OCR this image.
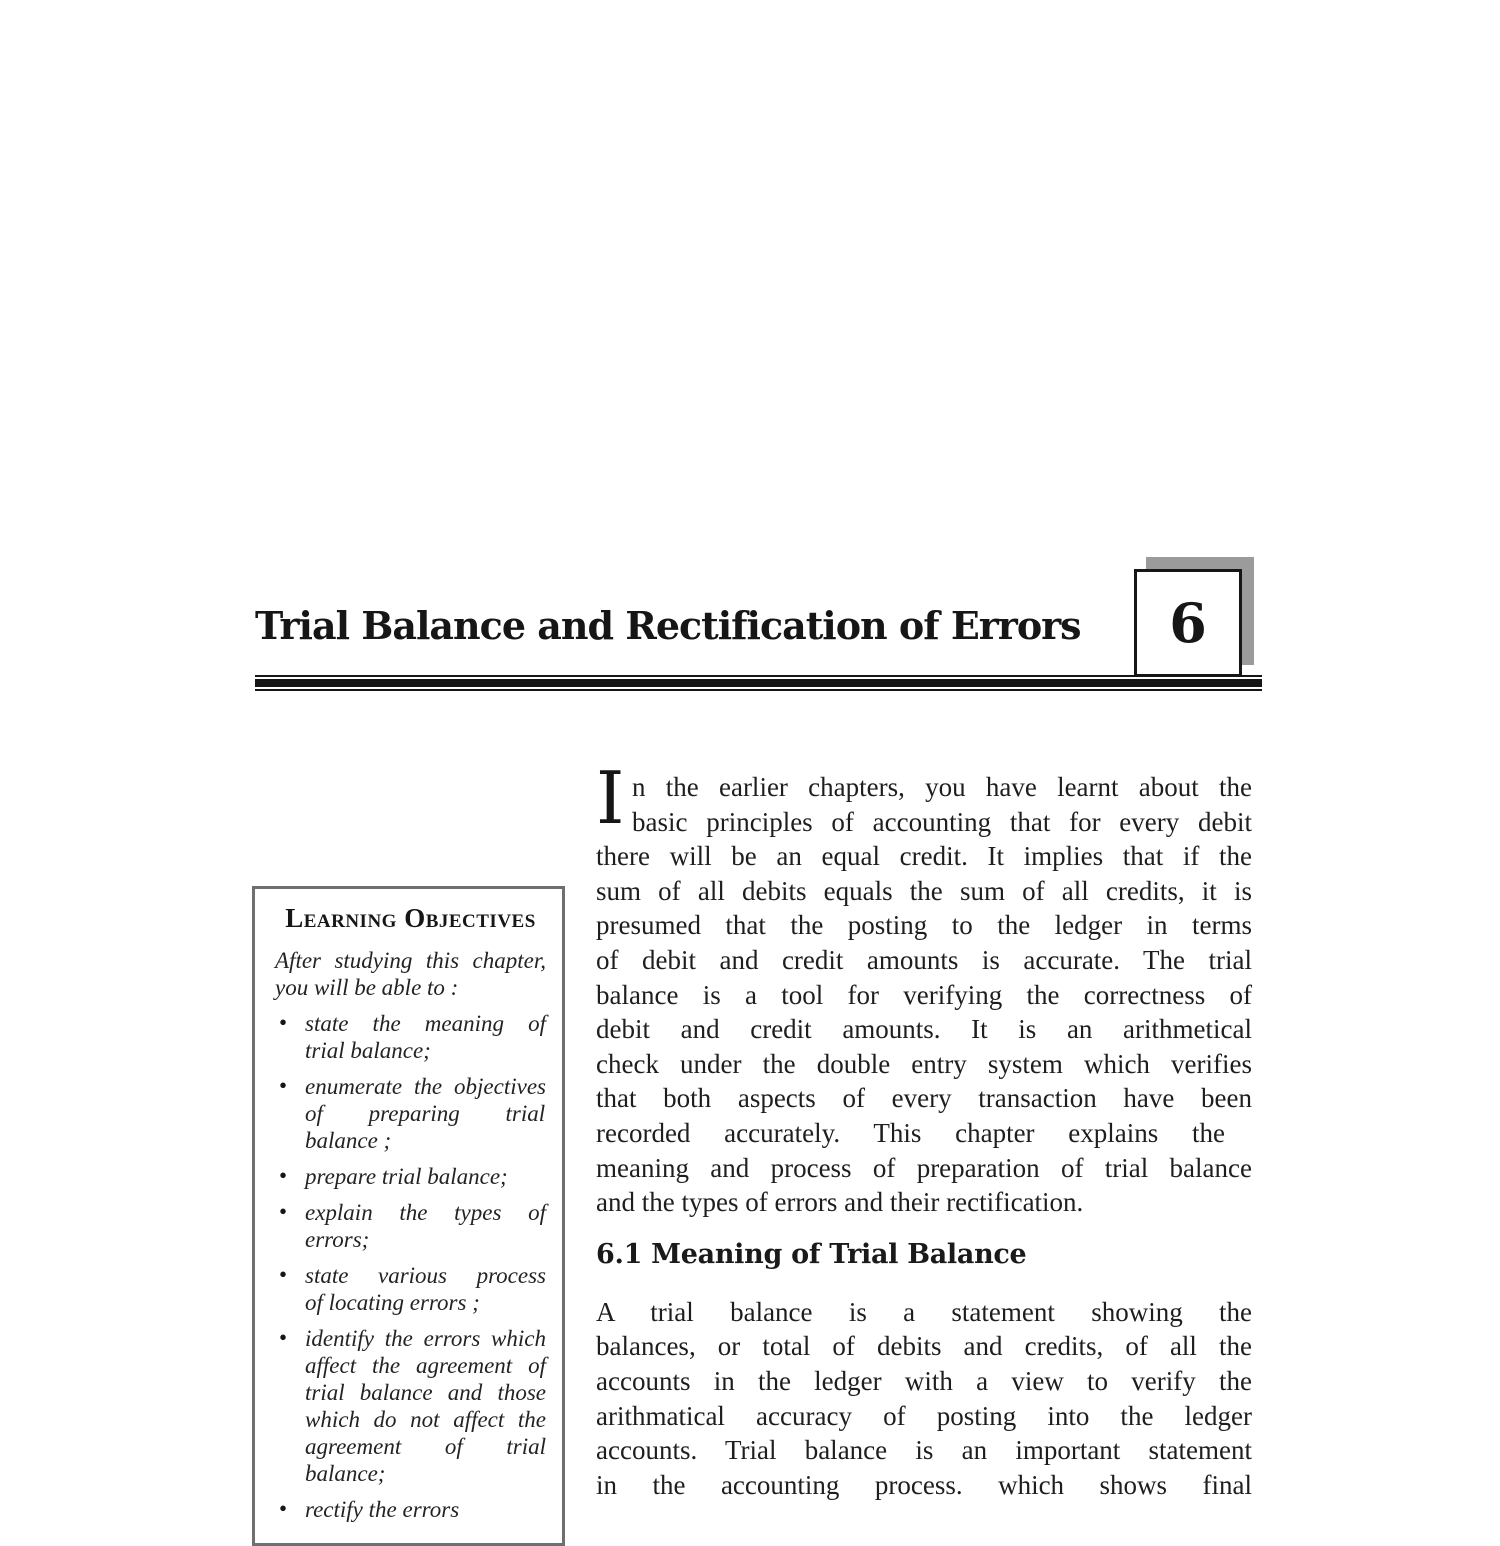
Trial Balance and Rectification of Errors 6
Learning Objectives
After studying this chapter,
you will be able to :
• state the meaning of
trial balance;
• enumerate the objectives
of preparing trial
balance ;
• prepare trial balance;
• explain the types of
errors;
• state various process
of locating errors ;
• identify the errors which
affect the agreement of
trial balance and those
which do not affect the
agreement of trial
balance;
• rectify the errors
I n the earlier chapters, you have learnt about the
basic principles of accounting that for every debit
there will be an equal credit. It implies that if the
sum of all debits equals the sum of all credits, it is
presumed that the posting to the ledger in terms
of debit and credit amounts is accurate. The trial
balance is a tool for verifying the correctness of
debit and credit amounts. It is an arithmetical
check under the double entry system which verifies
that both aspects of every transaction have been
recorded accurately. This chapter explains the
meaning and process of preparation of trial balance
and the types of errors and their rectification.
6.1 Meaning of Trial Balance
A trial balance is a statement showing the
balances, or total of debits and credits, of all the
accounts in the ledger with a view to verify the
arithmatical accuracy of posting into the ledger
accounts. Trial balance is an important statement
in the accounting process. which shows final
